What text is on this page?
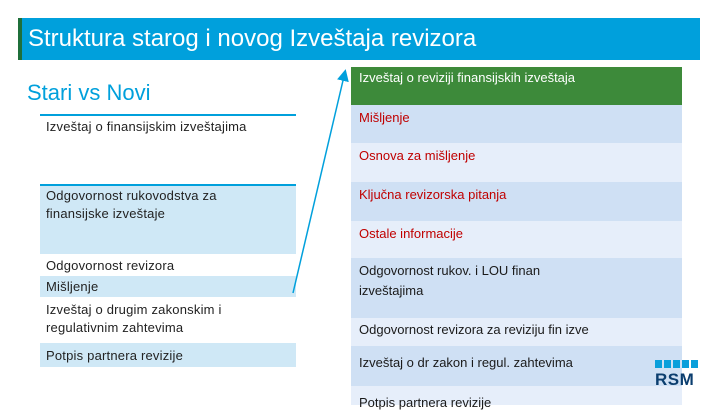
Struktura starog i novog Izveštaja revizora
Stari vs Novi
Izveštaj o finansijskim izveštajima
Odgovornost rukovodstva za finansijske izveštaje
Odgovornost revizora
Mišljenje
Izveštaj o drugim zakonskim i regulativnim zahtevima
Potpis partnera revizije
Izveštaj o reviziji finansijskih izveštaja
Mišljenje
Osnova za mišljenje
Ključna revizorska pitanja
Ostale informacije
Odgovornost rukov. i LOU finan izveštajima
Odgovornost revizora za reviziju fin izve
Izveštaj o dr zakon i regul. zahtevima
Potpis partnera revizije
RSM
